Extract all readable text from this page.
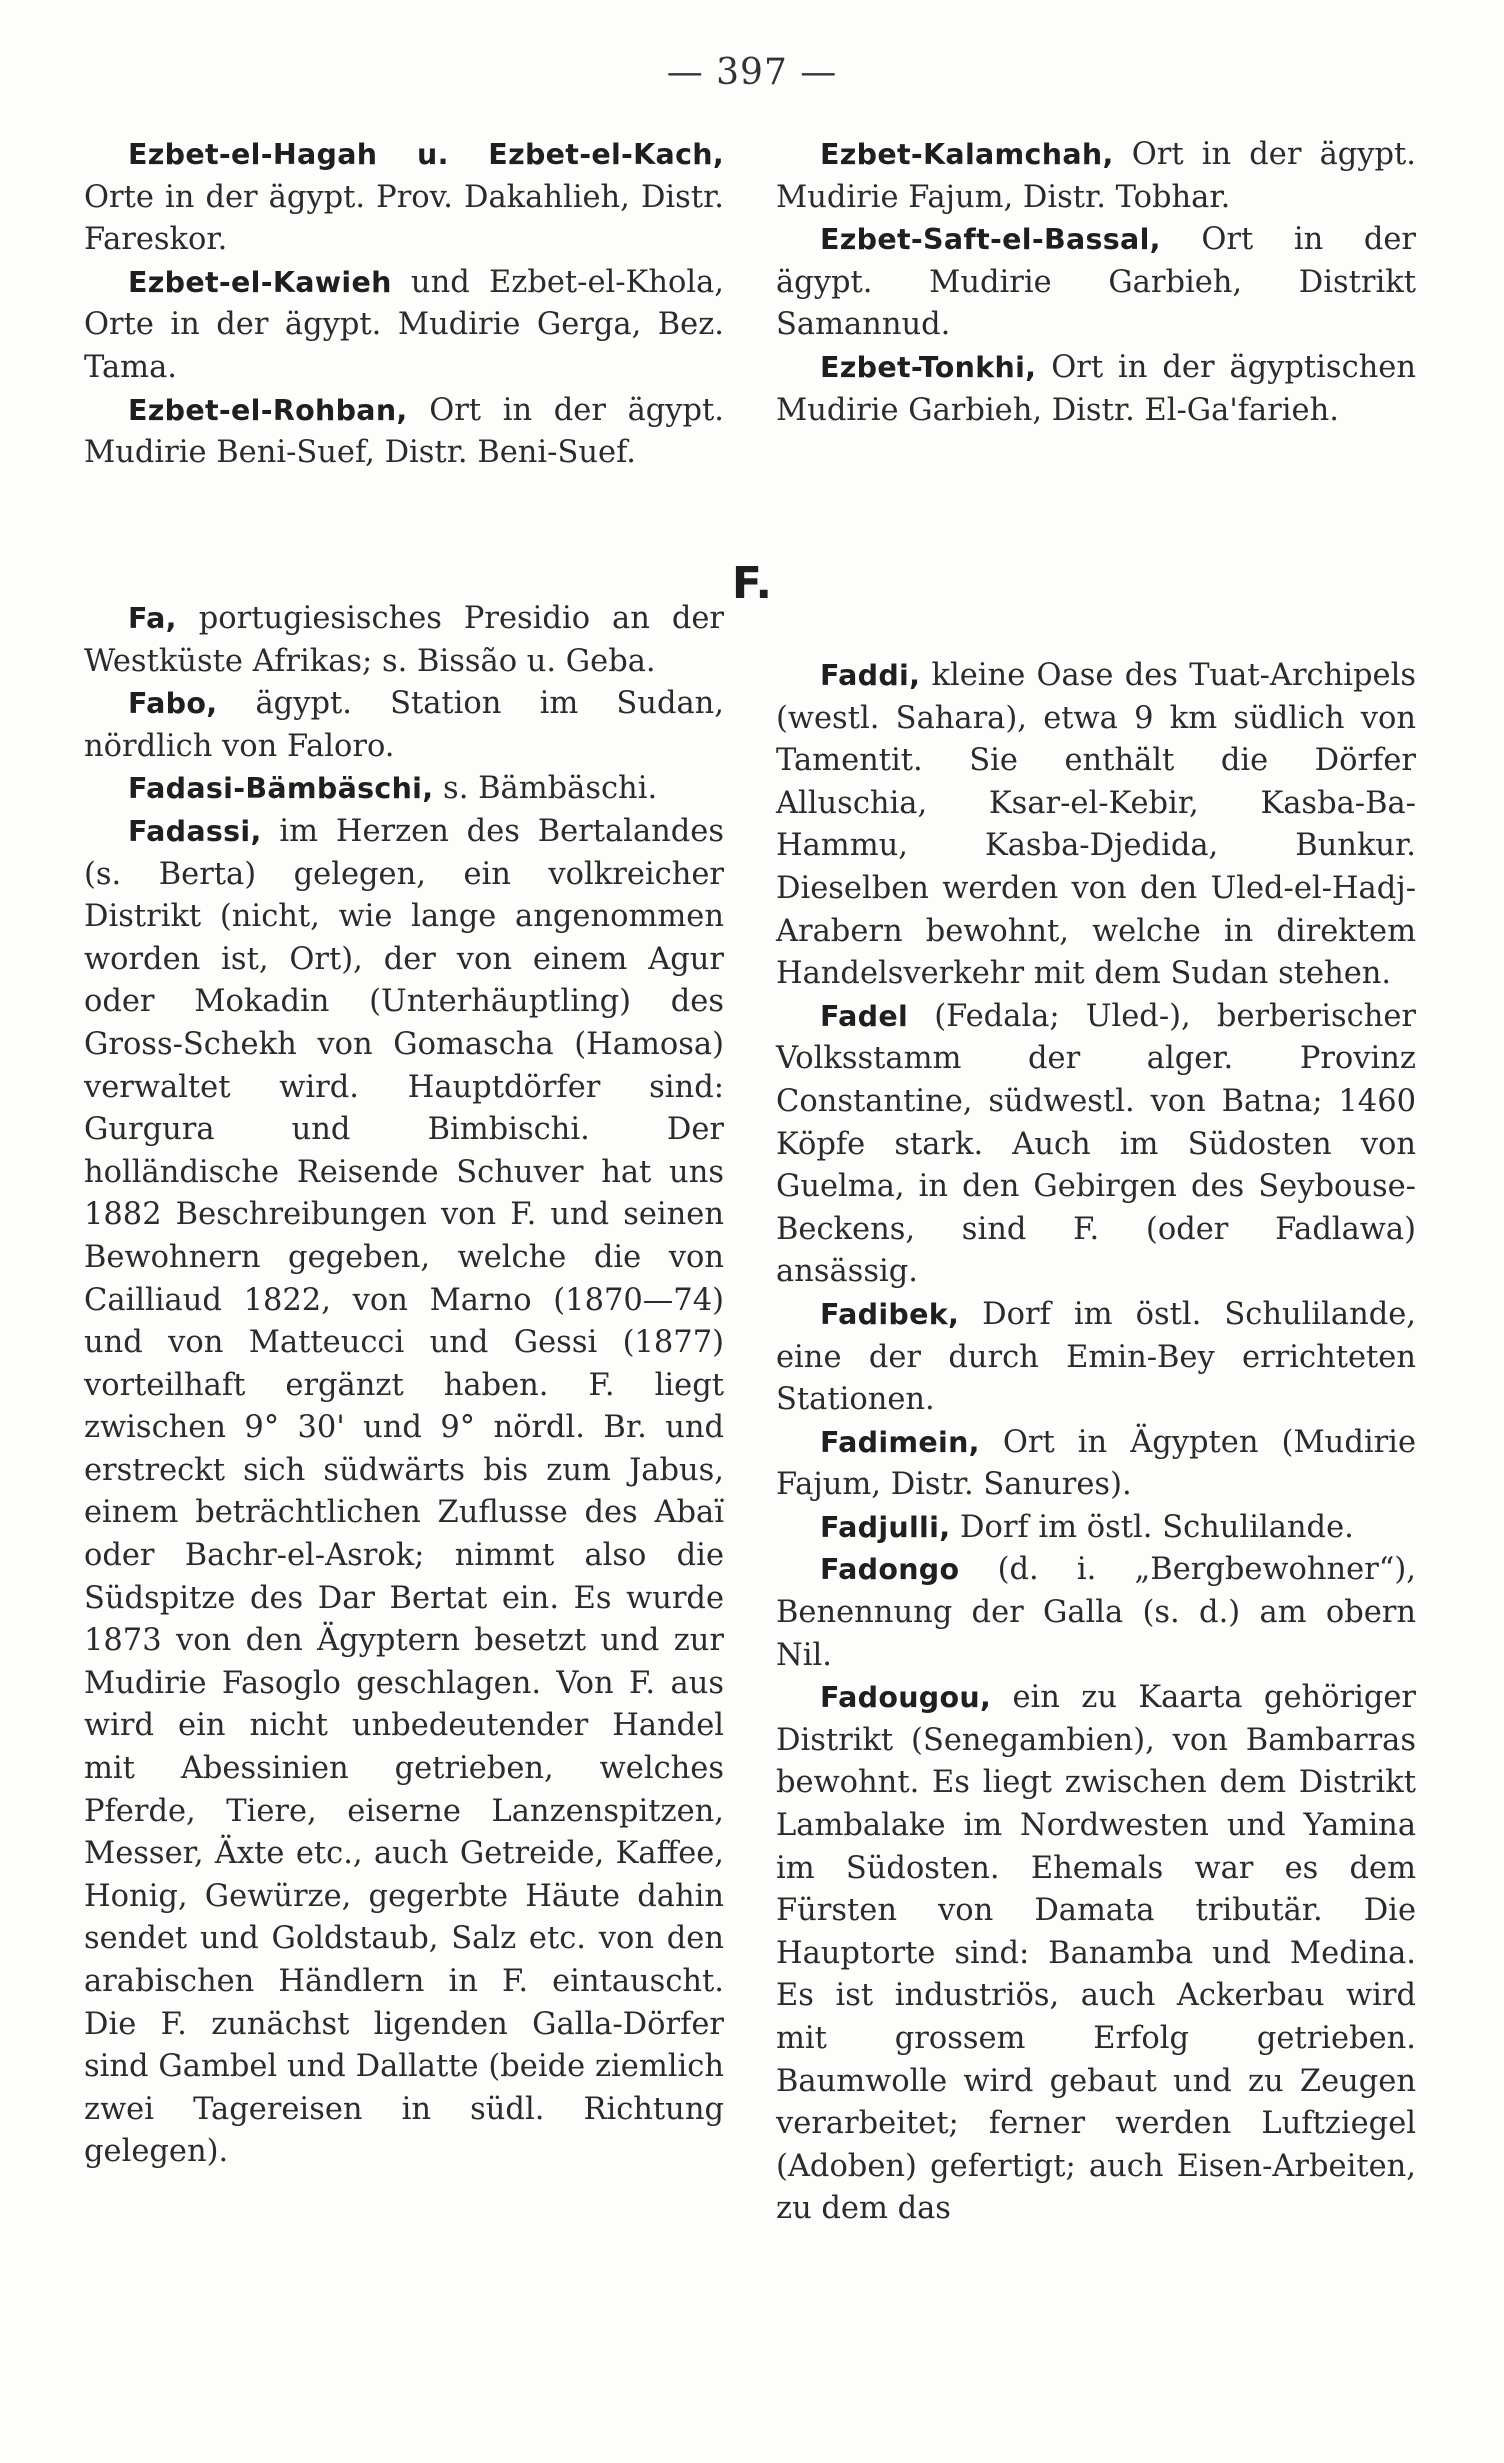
— 397 —

Ezbet-el-Hagah u. Ezbet-el-Kach, Orte in der ägypt. Prov. Dakahlieh, Distr. Fareskor.

Ezbet-el-Kawieh und Ezbet-el-Khola, Orte in der ägypt. Mudirie Gerga, Bez. Tama.

Ezbet-el-Rohban, Ort in der ägypt. Mudirie Beni-Suef, Distr. Beni-Suef.

Ezbet-Kalamchah, Ort in der ägypt. Mudirie Fajum, Distr. Tobhar.

Ezbet-Saft-el-Bassal, Ort in der ägypt. Mudirie Garbieh, Distrikt Samannud.

Ezbet-Tonkhi, Ort in der ägyptischen Mudirie Garbieh, Distr. El-Ga'farieh.

F.

Fa, portugiesisches Presidio an der Westküste Afrikas; s. Bissão u. Geba.

Fabo, ägypt. Station im Sudan, nördlich von Faloro.

Fadasi-Bämbäschi, s. Bämbäschi.

Fadassi, im Herzen des Bertalandes (s. Berta) gelegen, ein volkreicher Distrikt (nicht, wie lange angenommen worden ist, Ort), der von einem Agur oder Mokadin (Unterhäuptling) des Gross-Schekh von Gomascha (Hamosa) verwaltet wird. Hauptdörfer sind: Gurgura und Bimbischi. Der holländische Reisende Schuver hat uns 1882 Beschreibungen von F. und seinen Bewohnern gegeben, welche die von Cailliaud 1822, von Marno (1870—74) und von Matteucci und Gessi (1877) vorteilhaft ergänzt haben. F. liegt zwischen 9° 30' und 9° nördl. Br. und erstreckt sich südwärts bis zum Jabus, einem beträchtlichen Zuflusse des Abaï oder Bachr-el-Asrok; nimmt also die Südspitze des Dar Bertat ein. Es wurde 1873 von den Ägyptern besetzt und zur Mudirie Fasoglo geschlagen. Von F. aus wird ein nicht unbedeutender Handel mit Abessinien getrieben, welches Pferde, Tiere, eiserne Lanzenspitzen, Messer, Äxte etc., auch Getreide, Kaffee, Honig, Gewürze, gegerbte Häute dahin sendet und Goldstaub, Salz etc. von den arabischen Händlern in F. eintauscht. Die F. zunächst ligenden Galla-Dörfer sind Gambel und Dallatte (beide ziemlich zwei Tagereisen in südl. Richtung gelegen).

Faddi, kleine Oase des Tuat-Archipels (westl. Sahara), etwa 9 km südlich von Tamentit. Sie enthält die Dörfer Alluschia, Ksar-el-Kebir, Kasba-Ba-Hammu, Kasba-Djedida, Bunkur. Dieselben werden von den Uled-el-Hadj-Arabern bewohnt, welche in direktem Handelsverkehr mit dem Sudan stehen.

Fadel (Fedala; Uled-), berberischer Volksstamm der alger. Provinz Constantine, südwestl. von Batna; 1460 Köpfe stark. Auch im Südosten von Guelma, in den Gebirgen des Seybouse-Beckens, sind F. (oder Fadlawa) ansässig.

Fadibek, Dorf im östl. Schulilande, eine der durch Emin-Bey errichteten Stationen.

Fadimein, Ort in Ägypten (Mudirie Fajum, Distr. Sanures).

Fadjulli, Dorf im östl. Schulilande.

Fadongo (d. i. „Bergbewohner“), Benennung der Galla (s. d.) am obern Nil.

Fadougou, ein zu Kaarta gehöriger Distrikt (Senegambien), von Bambarras bewohnt. Es liegt zwischen dem Distrikt Lambalake im Nordwesten und Yamina im Südosten. Ehemals war es dem Fürsten von Damata tributär. Die Hauptorte sind: Banamba und Medina. Es ist industriös, auch Ackerbau wird mit grossem Erfolg getrieben. Baumwolle wird gebaut und zu Zeugen verarbeitet; ferner werden Luftziegel (Adoben) gefertigt; auch Eisen-Arbeiten, zu dem das
